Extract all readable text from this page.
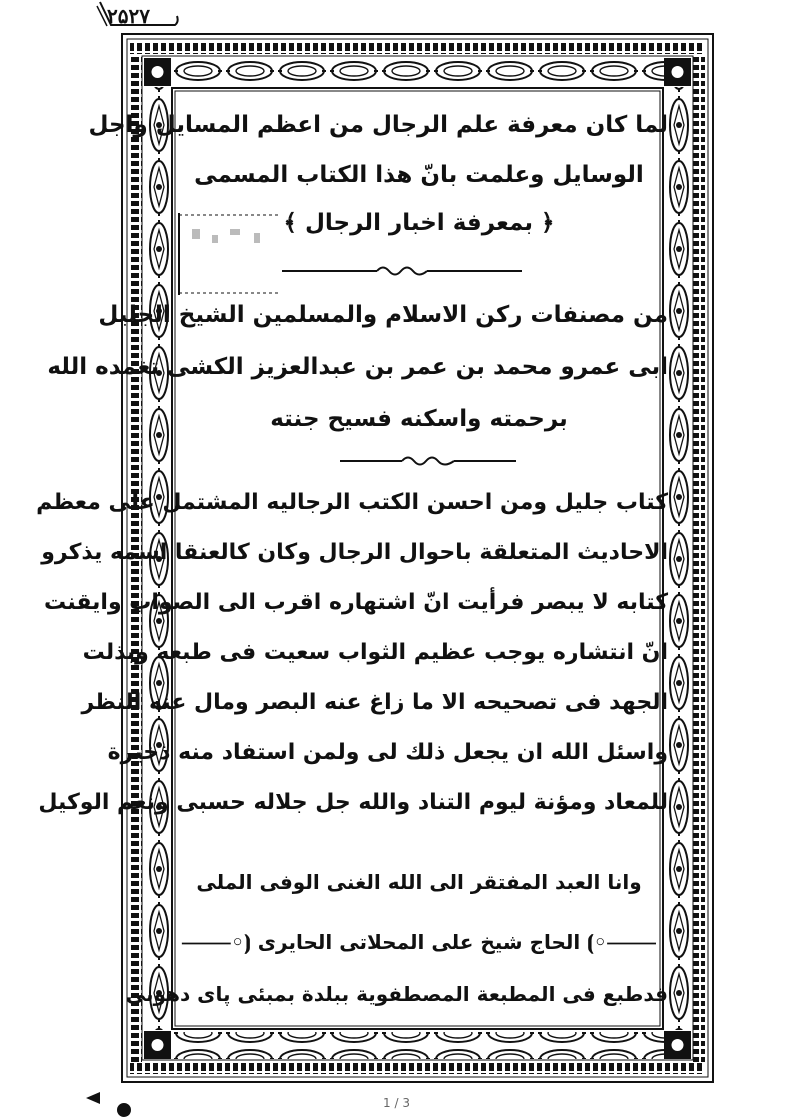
۲۵۲۷
لما كان معرفة علم الرجال من اعظم المسايل واجل
الوسايل وعلمت بانّ هذا الكتاب المسمى
﴿ بمعرفة اخبار الرجال ﴾
من مصنفات ركن الاسلام والمسلمين الشيخ الجليل
ابى عمرو محمد بن عمر بن عبدالعزيز الكشى تغمده الله
برحمته واسكنه فسيح جنته
كتاب جليل ومن احسن الكتب الرجاليه المشتمل على معظم
الاحاديث المتعلقة باحوال الرجال وكان كالعنقا اسمه يذكرو
كتابه لا يبصر فرأيت انّ اشتهاره اقرب الى الصواب وايقنت
انّ انتشاره يوجب عظيم الثواب سعيت فى طبعه وبذلت
الجهد فى تصحيحه الا ما زاغ عنه البصر ومال عنه النظر
واسئل الله ان يجعل ذلك لى ولمن استفاد منه ذخيرة
للمعاد ومؤنة ليوم التناد والله جل جلاله حسبى ونعم الوكيل
وانا العبد المفتقر الى الله الغنى الوفى الملى
⸻◦⦘ الحاج شيخ على المحلاتى الحايرى ⦗◦⸻
قدطبع فى المطبعة المصطفوية ببلدة بمبئى پاى دهونى
1 / 3
